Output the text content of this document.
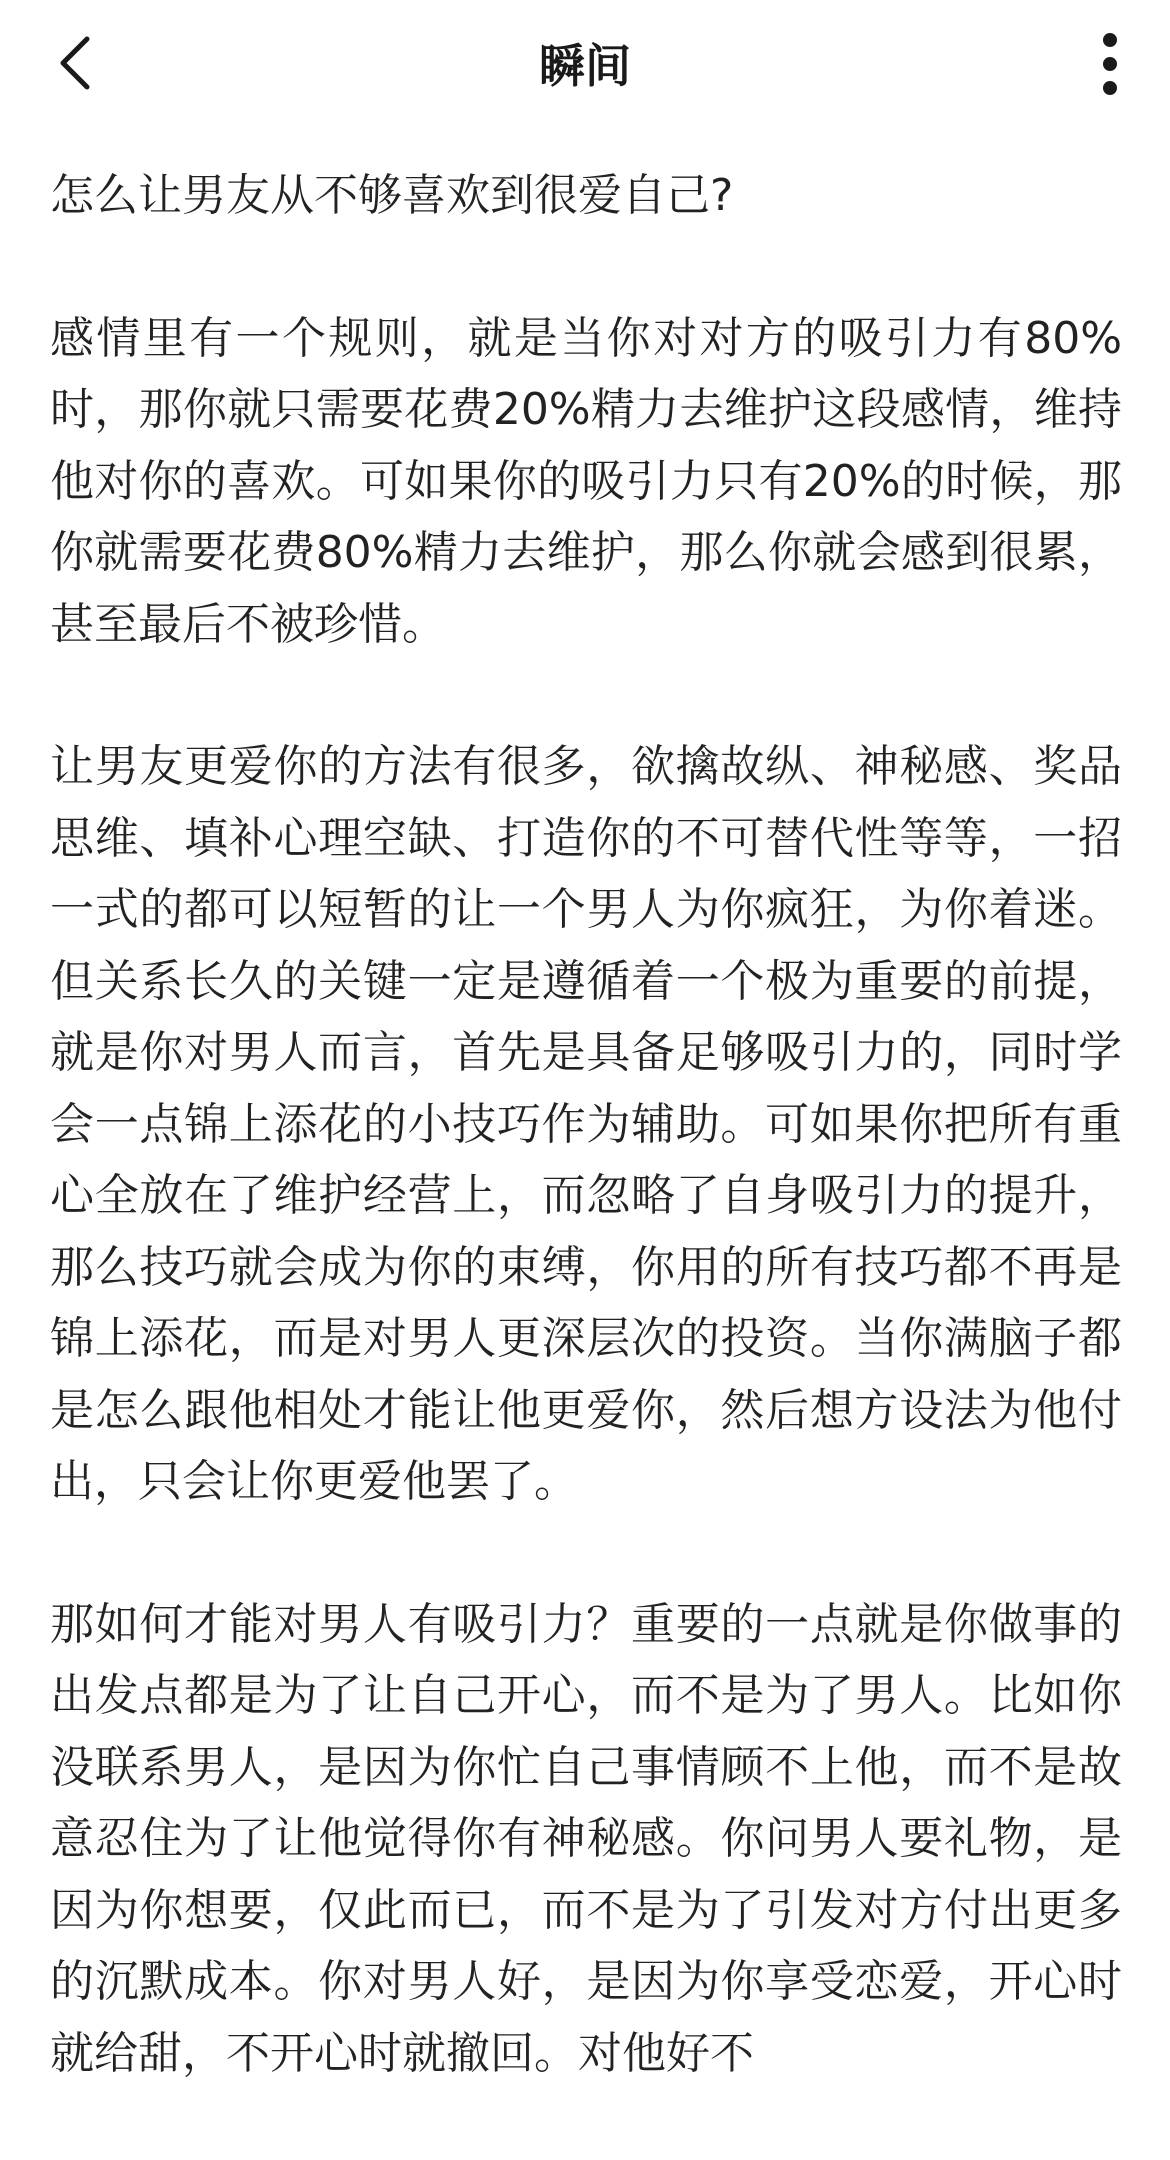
瞬间

怎么让男友从不够喜欢到很爱自己?

感情里有一个规则，就是当你对对方的吸引力有80%时，那你就只需要花费20%精力去维护这段感情，维持他对你的喜欢。可如果你的吸引力只有20%的时候，那你就需要花费80%精力去维护，那么你就会感到很累，甚至最后不被珍惜。

让男友更爱你的方法有很多，欲擒故纵、神秘感、奖品思维、填补心理空缺、打造你的不可替代性等等，一招一式的都可以短暂的让一个男人为你疯狂，为你着迷。但关系长久的关键一定是遵循着一个极为重要的前提，就是你对男人而言，首先是具备足够吸引力的，同时学会一点锦上添花的小技巧作为辅助。可如果你把所有重心全放在了维护经营上，而忽略了自身吸引力的提升，那么技巧就会成为你的束缚，你用的所有技巧都不再是锦上添花，而是对男人更深层次的投资。当你满脑子都是怎么跟他相处才能让他更爱你，然后想方设法为他付出，只会让你更爱他罢了。

那如何才能对男人有吸引力？重要的一点就是你做事的出发点都是为了让自己开心，而不是为了男人。比如你没联系男人，是因为你忙自己事情顾不上他，而不是故意忍住为了让他觉得你有神秘感。你问男人要礼物，是因为你想要，仅此而已，而不是为了引发对方付出更多的沉默成本。你对男人好，是因为你享受恋爱，开心时就给甜，不开心时就撤回。对他好不
